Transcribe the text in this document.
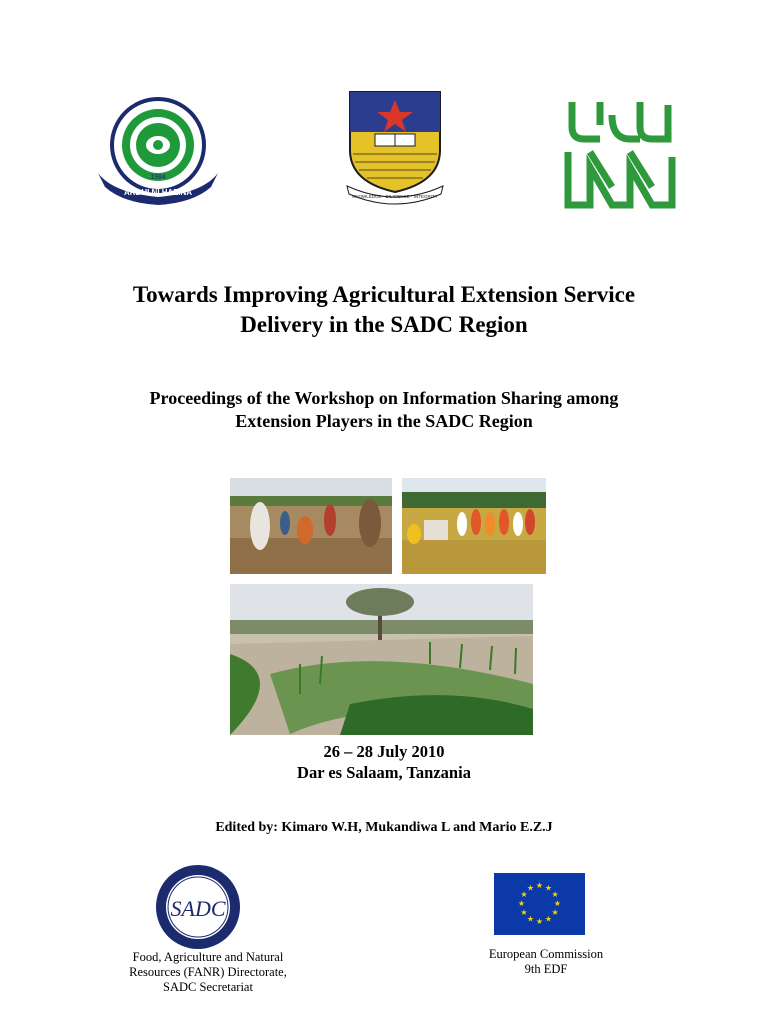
1984
ARDHI NI HAZINA	KNOWLEDGE · DILIGENCE · INTEGRITY
Towards Improving Agricultural Extension Service
Delivery in the SADC Region
Proceedings of the Workshop on Information Sharing among
Extension Players in the SADC Region
26 – 28 July 2010
Dar es Salaam, Tanzania
Edited by: Kimaro W.H, Mukandiwa L and Mario E.Z.J
SADC
★ ★
★
★
★
★
★
★
★
★
★
★
Food, Agriculture and Natural
Resources (FANR) Directorate,
SADC Secretariat
European Commission
9th EDF
